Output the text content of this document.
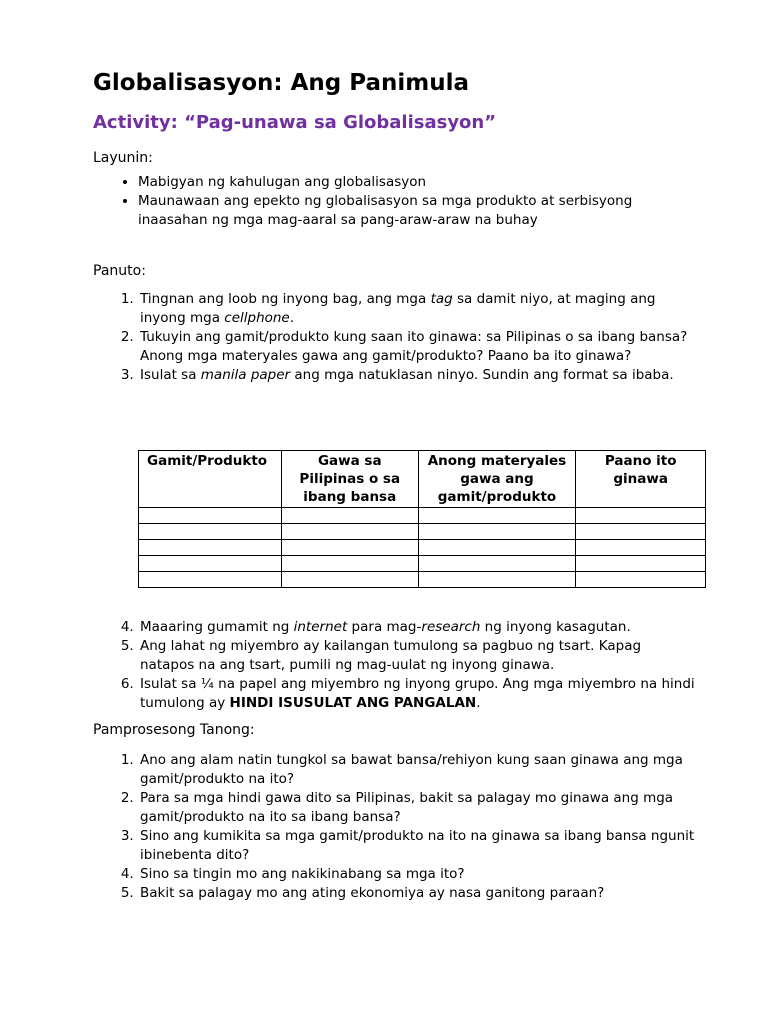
Globalisasyon: Ang Panimula
Activity: “Pag-unawa sa Globalisasyon”

Layunin:

• Mabigyan ng kahulugan ang globalisasyon
• Maunawaan ang epekto ng globalisasyon sa mga produkto at serbisyong inaasahan ng mga mag-aaral sa pang-araw-araw na buhay

Panuto:

1. Tingnan ang loob ng inyong bag, ang mga tag sa damit niyo, at maging ang inyong mga cellphone.
2. Tukuyin ang gamit/produkto kung saan ito ginawa: sa Pilipinas o sa ibang bansa? Anong mga materyales gawa ang gamit/produkto? Paano ba ito ginawa?
3. Isulat sa manila paper ang mga natuklasan ninyo. Sundin ang format sa ibaba.
Gamit/Produkto	Gawa sa Pilipinas o sa ibang bansa	Anong materyales gawa ang gamit/produkto	Paano ito ginawa

4. Maaaring gumamit ng internet para mag-research ng inyong kasagutan.
5. Ang lahat ng miyembro ay kailangan tumulong sa pagbuo ng tsart. Kapag natapos na ang tsart, pumili ng mag-uulat ng inyong ginawa.
6. Isulat sa ¼ na papel ang miyembro ng inyong grupo. Ang mga miyembro na hindi tumulong ay HINDI ISUSULAT ANG PANGALAN.

Pamprosesong Tanong:

1. Ano ang alam natin tungkol sa bawat bansa/rehiyon kung saan ginawa ang mga gamit/produkto na ito?
2. Para sa mga hindi gawa dito sa Pilipinas, bakit sa palagay mo ginawa ang mga gamit/produkto na ito sa ibang bansa?
3. Sino ang kumikita sa mga gamit/produkto na ito na ginawa sa ibang bansa ngunit ibinebenta dito?
4. Sino sa tingin mo ang nakikinabang sa mga ito?
5. Bakit sa palagay mo ang ating ekonomiya ay nasa ganitong paraan?
